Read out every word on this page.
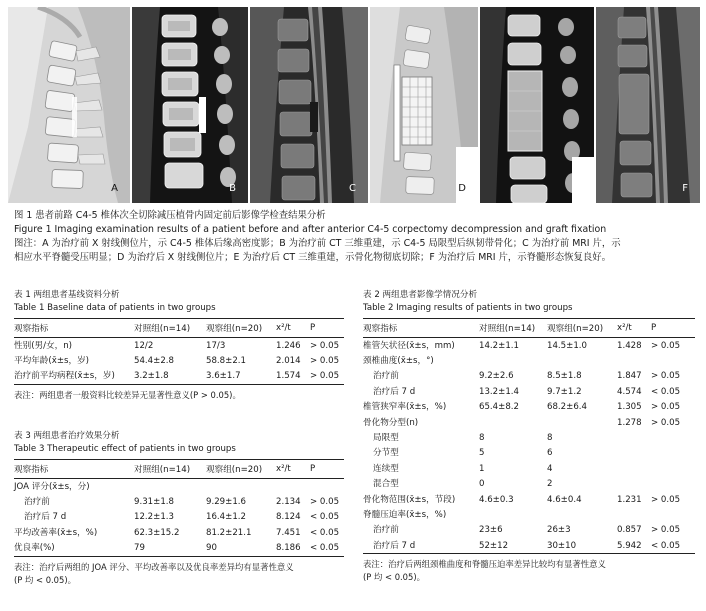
A	B	C	D	E	F
图 1 患者前路 C4-5 椎体次全切除减压植骨内固定前后影像学检查结果分析
Figure 1 Imaging examination results of a patient before and after anterior C4-5 corpectomy decompression and graft fixation
图注：A 为治疗前 X 射线侧位片，示 C4-5 椎体后缘高密度影；B 为治疗前 CT 三维重建，示 C4-5 局限型后纵韧带骨化；C 为治疗前 MRI 片，示
相应水平脊髓受压明显；D 为治疗后 X 射线侧位片；E 为治疗后 CT 三维重建，示骨化物彻底切除；F 为治疗后 MRI 片，示脊髓形态恢复良好。
表 1 两组患者基线资料分析
Table 1 Baseline data of patients in two groups
观察指标	对照组(n=14)	观察组(n=20)	x²/t	P
性别(男/女，n)	12/2	17/3	1.246	> 0.05
平均年龄(x̄±s，岁)	54.4±2.8	58.8±2.1	2.014	> 0.05
治疗前平均病程(x̄±s，岁)	3.2±1.8	3.6±1.7	1.574	> 0.05
表注：两组患者一般资料比较差异无显著性意义(P > 0.05)。
表 3 两组患者治疗效果分析
Table 3 Therapeutic effect of patients in two groups
观察指标	对照组(n=14)	观察组(n=20)	x²/t	P
JOA 评分(x̄±s，分)				
治疗前	9.31±1.8	9.29±1.6	2.134	> 0.05
治疗后 7 d	12.2±1.3	16.4±1.2	8.124	< 0.05
平均改善率(x̄±s，%)	62.3±15.2	81.2±21.1	7.451	< 0.05
优良率(%)	79	90	8.186	< 0.05
表注：治疗后两组的 JOA 评分、平均改善率以及优良率差异均有显著性意义
(P 均 < 0.05)。
表 2 两组患者影像学情况分析
Table 2 Imaging results of patients in two groups
观察指标	对照组(n=14)	观察组(n=20)	x²/t	P
椎管矢状径(x̄±s，mm)	14.2±1.1	14.5±1.0	1.428	> 0.05
颈椎曲度(x̄±s，°)				
治疗前	9.2±2.6	8.5±1.8	1.847	> 0.05
治疗后 7 d	13.2±1.4	9.7±1.2	4.574	< 0.05
椎管狭窄率(x̄±s，%)	65.4±8.2	68.2±6.4	1.305	> 0.05
骨化物分型(n)			1.278	> 0.05
局限型	8	8		
分节型	5	6		
连续型	1	4		
混合型	0	2		
骨化物范围(x̄±s，节段)	4.6±0.3	4.6±0.4	1.231	> 0.05
脊髓压迫率(x̄±s，%)				
治疗前	23±6	26±3	0.857	> 0.05
治疗后 7 d	52±12	30±10	5.942	< 0.05
表注：治疗后两组颈椎曲度和脊髓压迫率差异比较均有显著性意义
(P 均 < 0.05)。
